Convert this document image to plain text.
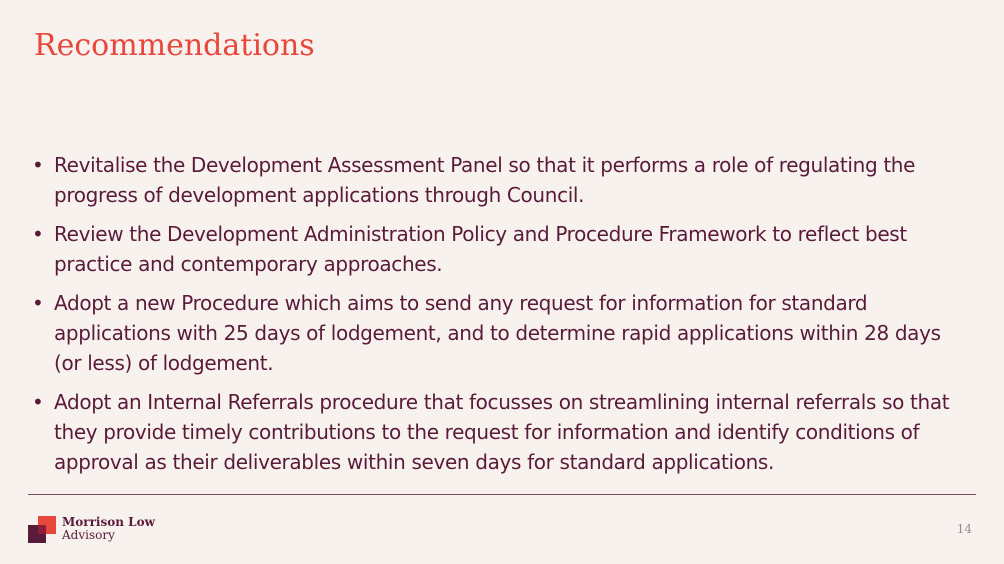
Recommendations
• Revitalise the Development Assessment Panel so that it performs a role of regulating the progress of development applications through Council.
• Review the Development Administration Policy and Procedure Framework to reflect best practice and contemporary approaches.
• Adopt a new Procedure which aims to send any request for information for standard applications with 25 days of lodgement, and to determine rapid applications within 28 days (or less) of lodgement.
• Adopt an Internal Referrals procedure that focusses on streamlining internal referrals so that they provide timely contributions to the request for information and identify conditions of approval as their deliverables within seven days for standard applications.
Morrison Low
Advisory	14
